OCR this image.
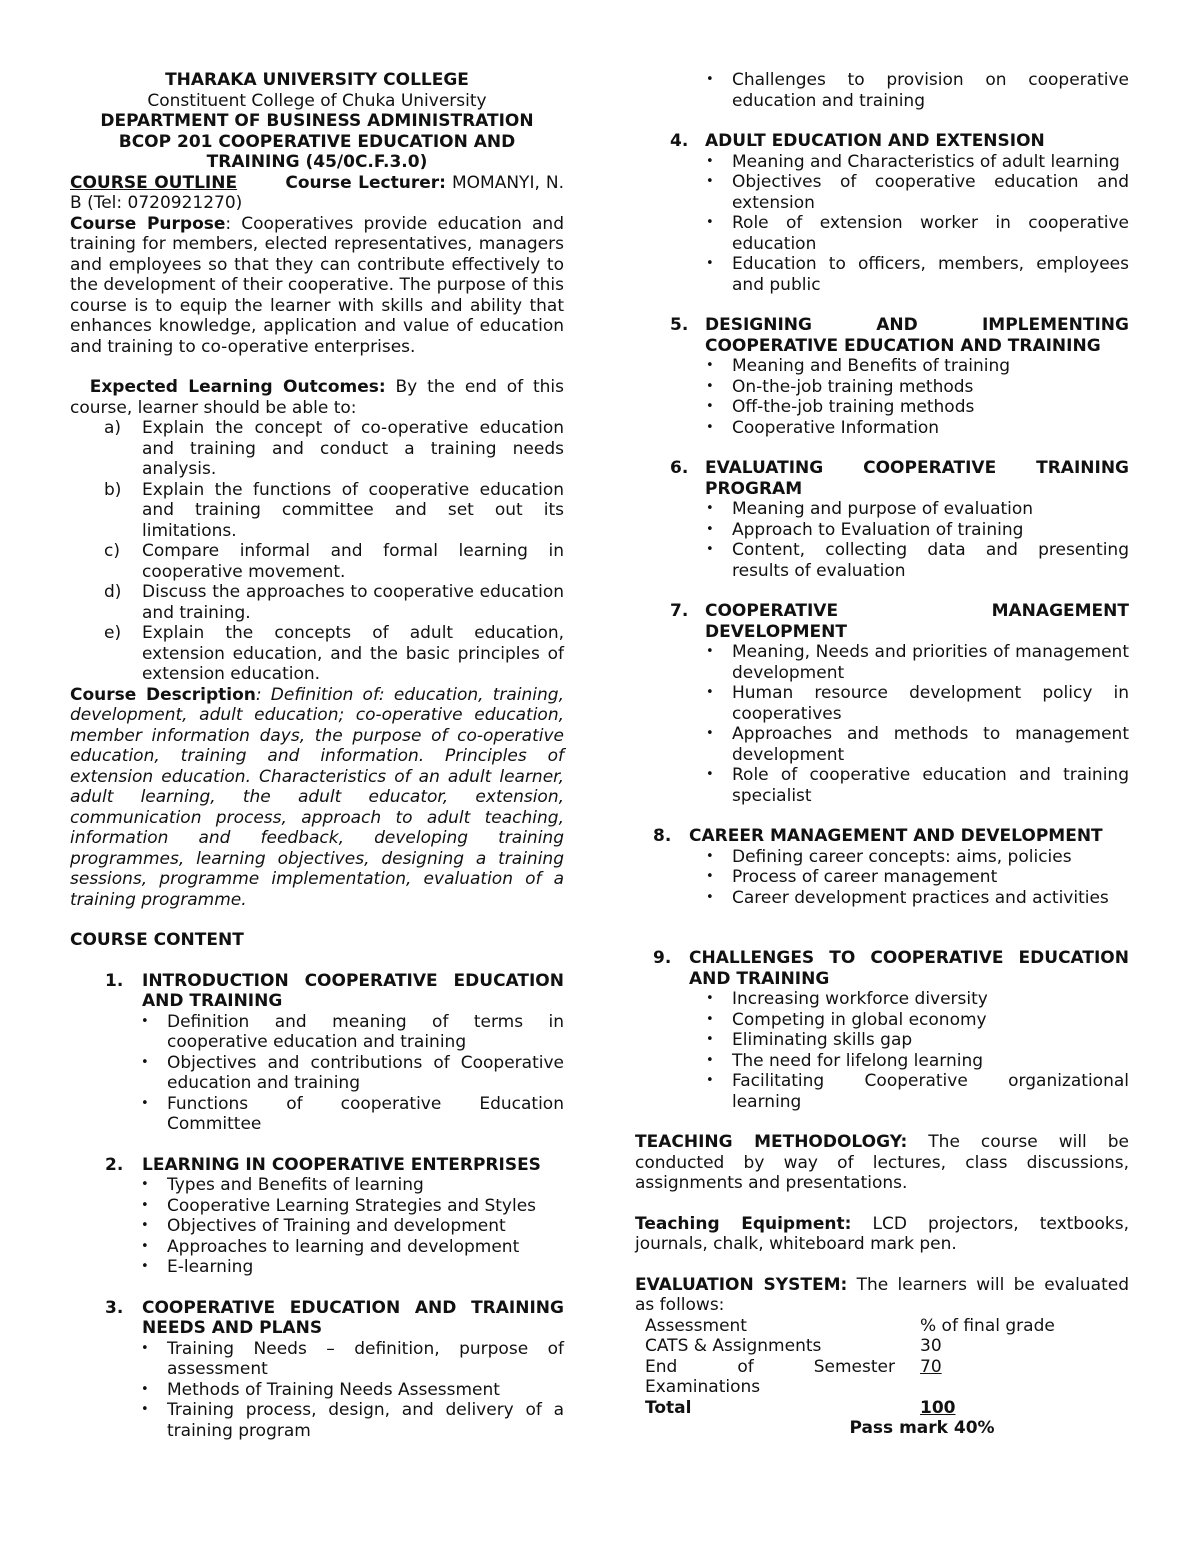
THARAKA UNIVERSITY COLLEGE

Constituent College of Chuka University

DEPARTMENT OF BUSINESS ADMINISTRATION

BCOP 201 COOPERATIVE EDUCATION AND

TRAINING (45/0C.F.3.0)

COURSE OUTLINE	Course Lecturer: MOMANYI, N. B (Tel: 0720921270)

Course Purpose: Cooperatives provide education and training for members, elected representatives, managers and employees so that they can contribute effectively to the development of their cooperative. The purpose of this course is to equip the learner with skills and ability that enhances knowledge, application and value of education and training to co-operative enterprises.

Expected Learning Outcomes: By the end of this course, learner should be able to:

a) Explain the concept of co-operative education and training and conduct a training needs analysis.
b) Explain the functions of cooperative education and training committee and set out its limitations.
c) Compare informal and formal learning in cooperative movement.
d) Discuss the approaches to cooperative education and training.
e) Explain the concepts of adult education, extension education, and the basic principles of extension education.

Course Description: Definition of: education, training, development, adult education; co-operative education, member information days, the purpose of co-operative education, training and information. Principles of extension education. Characteristics of an adult learner, adult learning, the adult educator, extension, communication process, approach to adult teaching, information and feedback, developing training programmes, learning objectives, designing a training sessions, programme implementation, evaluation of a training programme.

COURSE CONTENT

1. INTRODUCTION COOPERATIVE EDUCATION AND TRAINING
• Definition and meaning of terms in cooperative education and training
• Objectives and contributions of Cooperative education and training
• Functions of cooperative Education Committee
2. LEARNING IN COOPERATIVE ENTERPRISES
• Types and Benefits of learning
• Cooperative Learning Strategies and Styles
• Objectives of Training and development
• Approaches to learning and development
• E-learning
3. COOPERATIVE EDUCATION AND TRAINING NEEDS AND PLANS
• Training Needs – definition, purpose of assessment
• Methods of Training Needs Assessment
• Training process, design, and delivery of a training program
• Challenges to provision on cooperative education and training
4. ADULT EDUCATION AND EXTENSION
• Meaning and Characteristics of adult learning
• Objectives of cooperative education and extension
• Role of extension worker in cooperative education
• Education to officers, members, employees and public
5. DESIGNING AND IMPLEMENTING COOPERATIVE EDUCATION AND TRAINING
• Meaning and Benefits of training
• On-the-job training methods
• Off-the-job training methods
• Cooperative Information
6. EVALUATING COOPERATIVE TRAINING PROGRAM
• Meaning and purpose of evaluation
• Approach to Evaluation of training
• Content, collecting data and presenting results of evaluation
7. COOPERATIVE MANAGEMENT DEVELOPMENT
• Meaning, Needs and priorities of management development
• Human resource development policy in cooperatives
• Approaches and methods to management development
• Role of cooperative education and training specialist
8. CAREER MANAGEMENT AND DEVELOPMENT
• Defining career concepts: aims, policies
• Process of career management
• Career development practices and activities
9. CHALLENGES TO COOPERATIVE EDUCATION AND TRAINING
• Increasing workforce diversity
• Competing in global economy
• Eliminating skills gap
• The need for lifelong learning
• Facilitating Cooperative organizational learning

TEACHING METHODOLOGY: The course will be conducted by way of lectures, class discussions, assignments and presentations.

Teaching Equipment: LCD projectors, textbooks, journals, chalk, whiteboard mark pen.

EVALUATION SYSTEM: The learners will be evaluated as follows:

Assessment	% of final grade
CATS & Assignments	30

End of Semester Examinations	70
Total	100

Pass mark 40%
